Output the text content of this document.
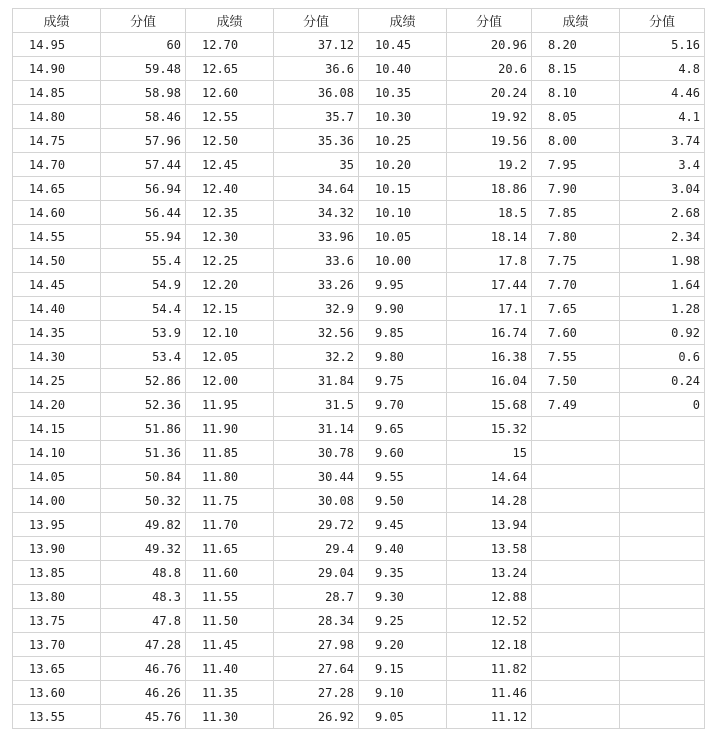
成绩	分值	成绩	分值	成绩	分值	成绩	分值
14.95	60	12.70	37.12	10.45	20.96	8.20	5.16
14.90	59.48	12.65	36.6	10.40	20.6	8.15	4.8
14.85	58.98	12.60	36.08	10.35	20.24	8.10	4.46
14.80	58.46	12.55	35.7	10.30	19.92	8.05	4.1
14.75	57.96	12.50	35.36	10.25	19.56	8.00	3.74
14.70	57.44	12.45	35	10.20	19.2	7.95	3.4
14.65	56.94	12.40	34.64	10.15	18.86	7.90	3.04
14.60	56.44	12.35	34.32	10.10	18.5	7.85	2.68
14.55	55.94	12.30	33.96	10.05	18.14	7.80	2.34
14.50	55.4	12.25	33.6	10.00	17.8	7.75	1.98
14.45	54.9	12.20	33.26	9.95	17.44	7.70	1.64
14.40	54.4	12.15	32.9	9.90	17.1	7.65	1.28
14.35	53.9	12.10	32.56	9.85	16.74	7.60	0.92
14.30	53.4	12.05	32.2	9.80	16.38	7.55	0.6
14.25	52.86	12.00	31.84	9.75	16.04	7.50	0.24
14.20	52.36	11.95	31.5	9.70	15.68	7.49	0
14.15	51.86	11.90	31.14	9.65	15.32		
14.10	51.36	11.85	30.78	9.60	15		
14.05	50.84	11.80	30.44	9.55	14.64		
14.00	50.32	11.75	30.08	9.50	14.28		
13.95	49.82	11.70	29.72	9.45	13.94		
13.90	49.32	11.65	29.4	9.40	13.58		
13.85	48.8	11.60	29.04	9.35	13.24		
13.80	48.3	11.55	28.7	9.30	12.88		
13.75	47.8	11.50	28.34	9.25	12.52		
13.70	47.28	11.45	27.98	9.20	12.18		
13.65	46.76	11.40	27.64	9.15	11.82		
13.60	46.26	11.35	27.28	9.10	11.46		
13.55	45.76	11.30	26.92	9.05	11.12		
